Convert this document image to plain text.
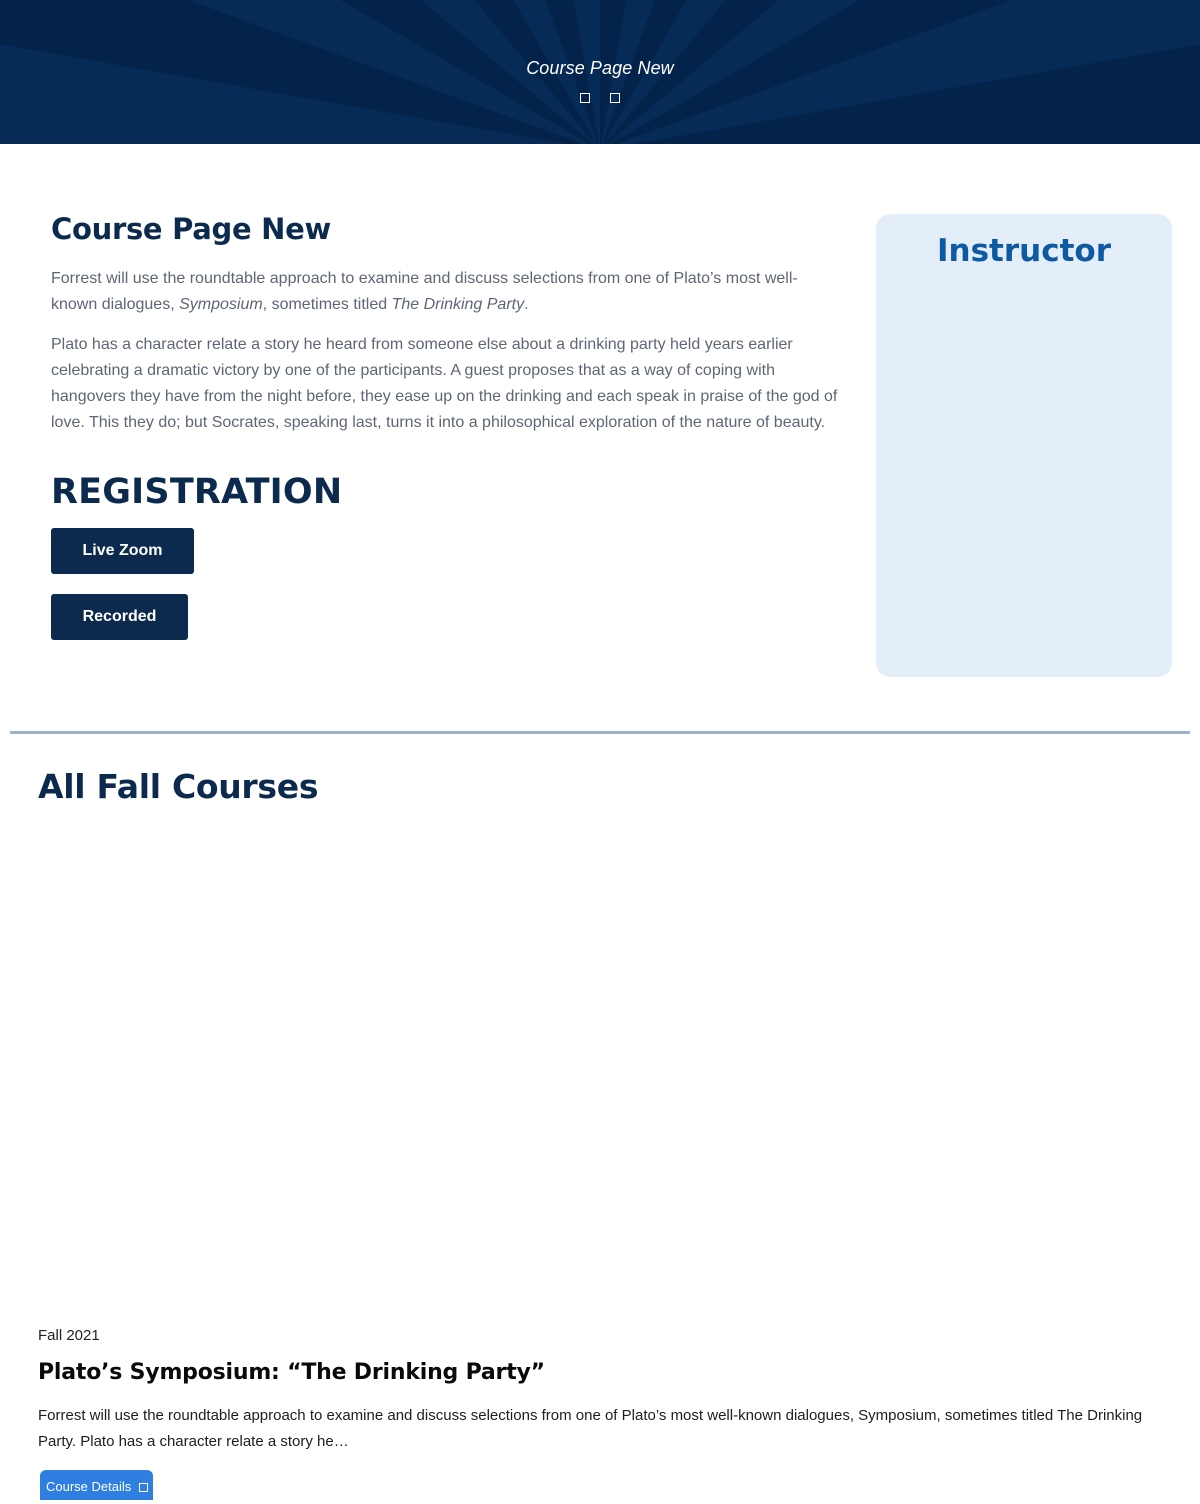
Course Page New

Course Page New

Forrest will use the roundtable approach to examine and discuss selections from one of Plato’s most well-known dialogues, Symposium, sometimes titled The Drinking Party.

Plato has a character relate a story he heard from someone else about a drinking party held years earlier celebrating a dramatic victory by one of the participants. A guest proposes that as a way of coping with hangovers they have from the night before, they ease up on the drinking and each speak in praise of the god of love. This they do; but Socrates, speaking last, turns it into a philosophical exploration of the nature of beauty.

REGISTRATION
Live Zoom
Recorded
Instructor
All Fall Courses

Fall 2021

Plato’s Symposium: “The Drinking Party”

Forrest will use the roundtable approach to examine and discuss selections from one of Plato’s most well-known dialogues, Symposium, sometimes titled The Drinking Party. Plato has a character relate a story he…

Course Details
